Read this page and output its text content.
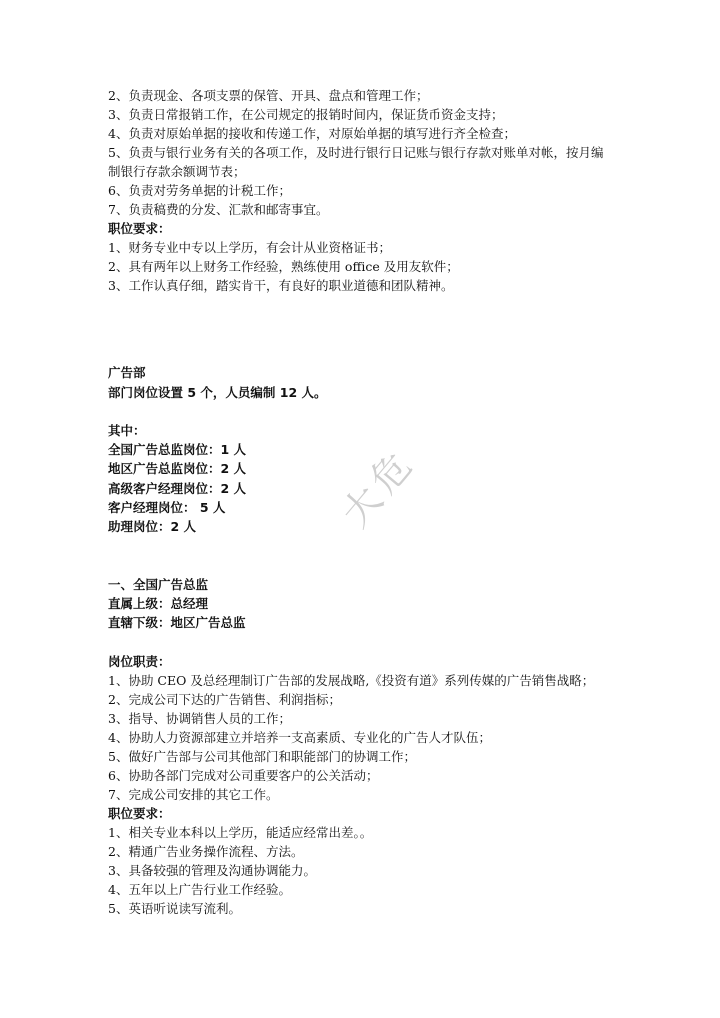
2、负责现金、各项支票的保管、开具、盘点和管理工作；
3、负责日常报销工作，在公司规定的报销时间内，保证货币资金支持；
4、负责对原始单据的接收和传递工作，对原始单据的填写进行齐全检查；
5、负责与银行业务有关的各项工作，及时进行银行日记账与银行存款对账单对帐，按月编
制银行存款余额调节表；
6、负责对劳务单据的计税工作；
7、负责稿费的分发、汇款和邮寄事宜。
职位要求：
1、财务专业中专以上学历，有会计从业资格证书；
2、具有两年以上财务工作经验，熟练使用 office 及用友软件；
3、工作认真仔细，踏实肯干，有良好的职业道德和团队精神。
广告部
部门岗位设置 5 个，人员编制 12 人。
其中：
全国广告总监岗位：1 人
地区广告总监岗位：2 人
高级客户经理岗位：2 人
客户经理岗位： 5 人
助理岗位：2 人
一、全国广告总监
直属上级：总经理
直辖下级：地区广告总监
岗位职责：
1、协助 CEO 及总经理制订广告部的发展战略,《投资有道》系列传媒的广告销售战略；
2、完成公司下达的广告销售、利润指标；
3、指导、协调销售人员的工作；
4、协助人力资源部建立并培养一支高素质、专业化的广告人才队伍；
5、做好广告部与公司其他部门和职能部门的协调工作；
6、协助各部门完成对公司重要客户的公关活动；
7、完成公司安排的其它工作。
职位要求：
1、相关专业本科以上学历，能适应经常出差。。
2、精通广告业务操作流程、方法。
3、具备较强的管理及沟通协调能力。
4、五年以上广告行业工作经验。
5、英语听说读写流利。
大危
